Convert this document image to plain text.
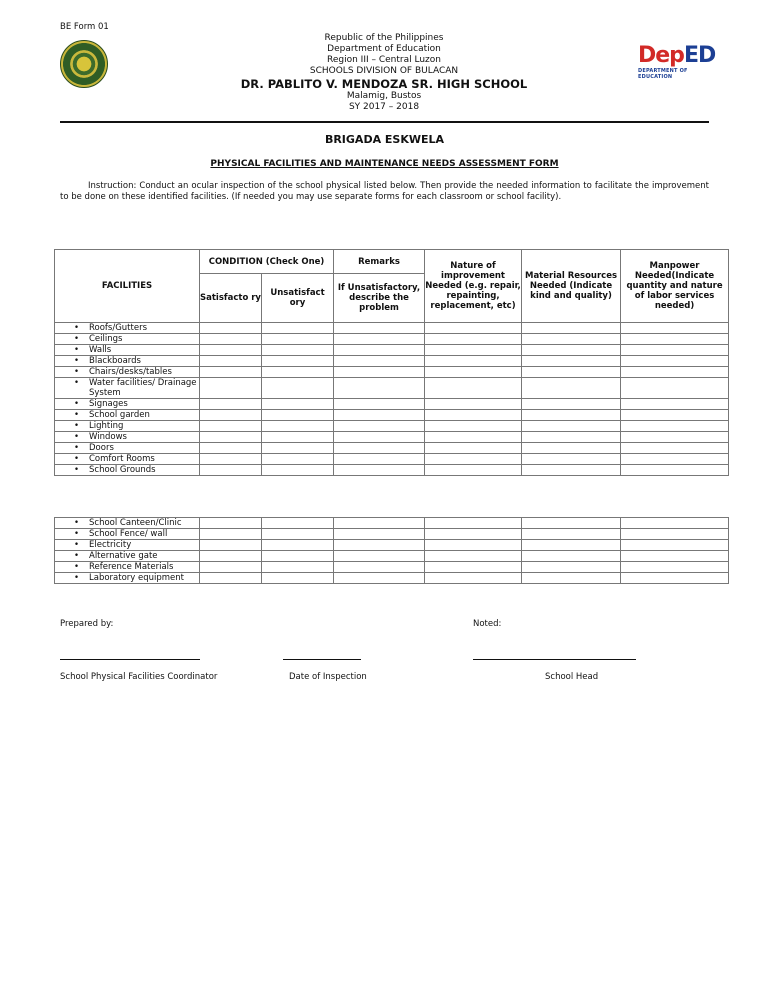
BE Form 01
Republic of the Philippines
Department of Education
Region III – Central Luzon
SCHOOLS DIVISION OF BULACAN
DR. PABLITO V. MENDOZA SR. HIGH SCHOOL
Malamig, Bustos
SY 2017 – 2018
DepED
DEPARTMENT OF EDUCATION
BRIGADA ESKWELA
PHYSICAL FACILITIES AND MAINTENANCE NEEDS ASSESSMENT FORM
Instruction: Conduct an ocular inspection of the school physical listed below. Then provide the needed information to facilitate the improvement to be done on these identified facilities. (If needed you may use separate forms for each classroom or school facility).
FACILITIES	CONDITION (Check One)		Remarks	Nature of improvement Needed (e.g. repair, repainting, replacement, etc)	Material Resources Needed (Indicate kind and quality)	Manpower Needed(Indicate quantity and nature of labor services needed)
	Satisfacto ry	Unsatisfact ory	If Unsatisfactory, describe the problem			

• Roofs/Gutters						

• Ceilings						

• Walls						

• Blackboards						

• Chairs/desks/tables						

• Water facilities/ Drainage System						

• Signages						

• School garden						

• Lighting						

• Windows						

• Doors						

• Comfort Rooms						

• School Grounds						
• School Canteen/Clinic						

• School Fence/ wall						

• Electricity						

• Alternative gate						

• Reference Materials						

• Laboratory equipment						
Prepared by:	Noted:
School Physical Facilities Coordinator	Date of Inspection	School Head
